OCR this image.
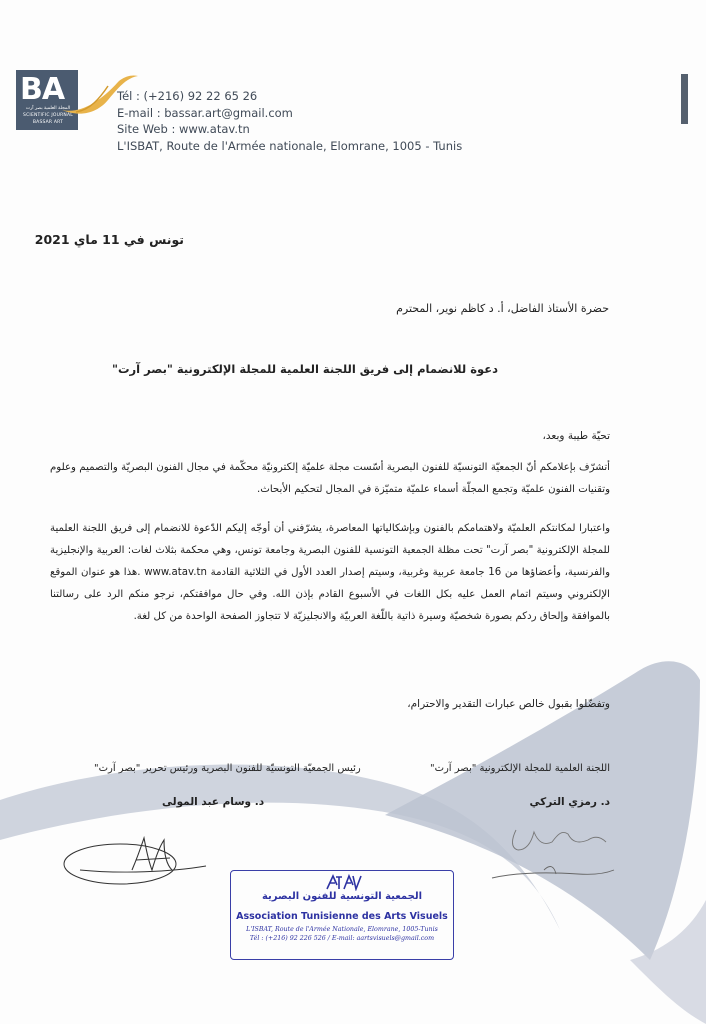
BA
المجلة العلمية بصر آرت
SCIENTIFIC JOURNAL
BASSAR ART
Tél : (+216) 92 22 65 26
E-mail : bassar.art@gmail.com
Site Web : www.atav.tn
L'ISBAT, Route de l'Armée nationale, Elomrane, 1005 - Tunis
تونس في 11 ماي 2021
حضرة الأستاذ الفاضل، أ. د كاظم نوير، المحترم
دعوة للانضمام إلى فريق اللجنة العلمية للمجلة الإلكترونية "بصر آرت"
تحيّة طيبة وبعد،
أتشرّف بإعلامكم أنّ الجمعيّة التونسيّة للفنون البصرية أسّست مجلة علميّة إلكترونيّة محكّمة في مجال الفنون البصريّة والتصميم وعلوم وتقنيات الفنون علميّة وتجمع المجلّة أسماء علميّة متميّزة في المجال لتحكيم الأبحاث.
واعتبارا لمكانتكم العلميّة ولاهتمامكم بالفنون وبإشكالياتها المعاصرة، يشرّفني أن أوجّه إليكم الدّعوة للانضمام إلى فريق اللجنة العلمية للمجلة الإلكترونية "بصر آرت" تحت مظلة الجمعية التونسية للفنون البصرية وجامعة تونس، وهي محكمة بثلاث لغات: العربية والإنجليزية والفرنسية، وأعضاؤها من 16 جامعة عربية وغربية، وسيتم إصدار العدد الأول في الثلاثية القادمة www.atav.tn .هذا هو عنوان الموقع الإلكتروني وسيتم اتمام العمل عليه بكل اللغات في الأسبوع القادم بإذن الله. وفي حال موافقتكم، نرجو منكم الرد على رسالتنا بالموافقة وإلحاق ردكم بصورة شخصيّة وسيرة ذاتية باللّغة العربيّة والانجليزيّة لا تتجاوز الصفحة الواحدة من كل لغة.
وتفضّلوا بقبول خالص عبارات التقدير والاحترام،
اللجنة العلمية للمجلة الإلكترونية "بصر آرت"
رئيس الجمعيّة التونسيّة للفنون البصرية ورئيس تحرير "بصر آرت"
د. رمزي التركي
د. وسام عبد المولى
الجمعية التونسية للفنون البصرية
Association Tunisienne des Arts Visuels
L'ISBAT, Route de l'Armée Nationale, Elomrane, 1005-Tunis
Tél : (+216) 92 226 526 / E-mail: aartsvisuels@gmail.com
